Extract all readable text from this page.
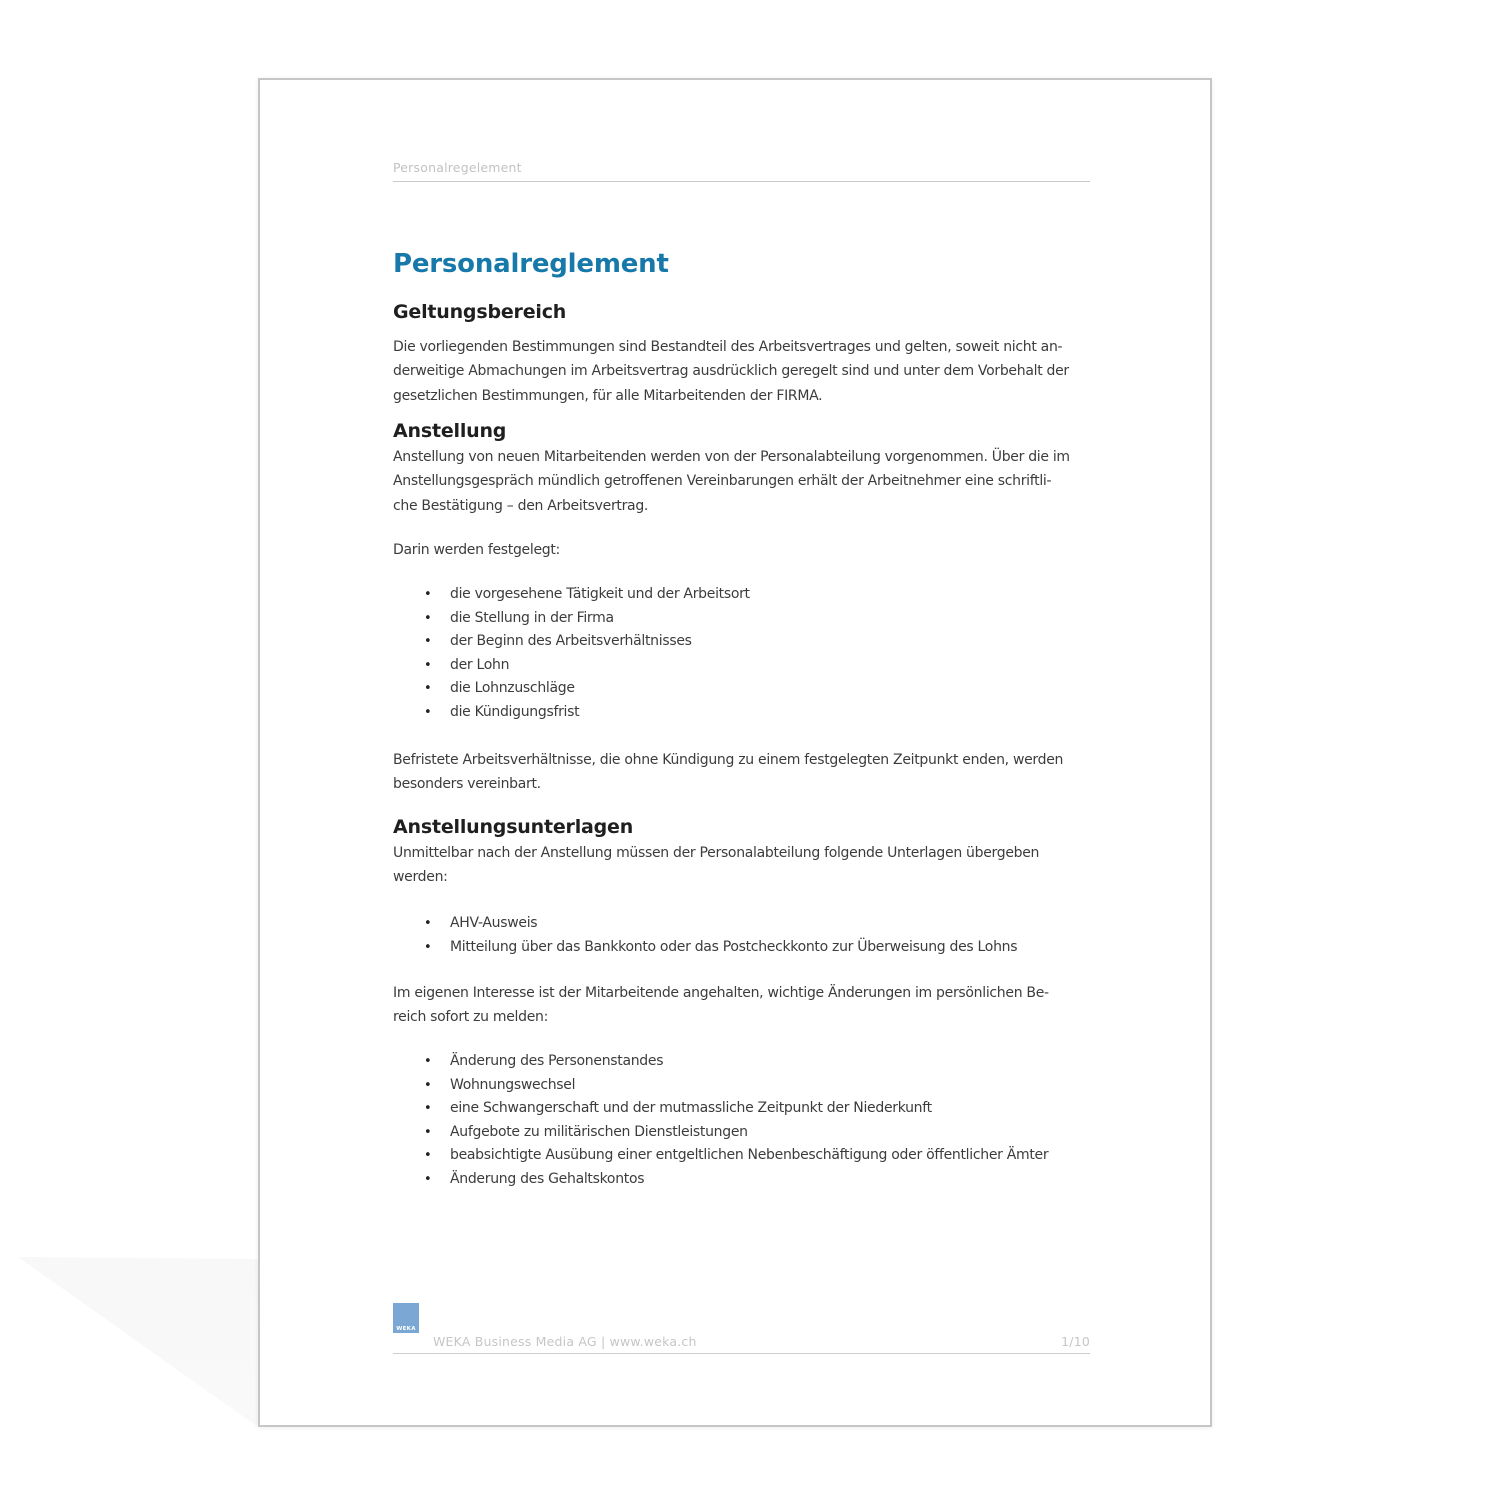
Personalregelement
Personalreglement
Geltungsbereich
Die vorliegenden Bestimmungen sind Bestandteil des Arbeitsvertrages und gelten, soweit nicht an-
derweitige Abmachungen im Arbeitsvertrag ausdrücklich geregelt sind und unter dem Vorbehalt der
gesetzlichen Bestimmungen, für alle Mitarbeitenden der FIRMA.
Anstellung
Anstellung von neuen Mitarbeitenden werden von der Personalabteilung vorgenommen. Über die im
Anstellungsgespräch mündlich getroffenen Vereinbarungen erhält der Arbeitnehmer eine schriftli-
che Bestätigung – den Arbeitsvertrag.
Darin werden festgelegt:
•
die vorgesehene Tätigkeit und der Arbeitsort
•
die Stellung in der Firma
•
der Beginn des Arbeitsverhältnisses
•
der Lohn
•
die Lohnzuschläge
•
die Kündigungsfrist
Befristete Arbeitsverhältnisse, die ohne Kündigung zu einem festgelegten Zeitpunkt enden, werden
besonders vereinbart.
Anstellungsunterlagen
Unmittelbar nach der Anstellung müssen der Personalabteilung folgende Unterlagen übergeben
werden:
•
AHV-Ausweis
•
Mitteilung über das Bankkonto oder das Postcheckkonto zur Überweisung des Lohns
Im eigenen Interesse ist der Mitarbeitende angehalten, wichtige Änderungen im persönlichen Be-
reich sofort zu melden:
•
Änderung des Personenstandes
•
Wohnungswechsel
•
eine Schwangerschaft und der mutmassliche Zeitpunkt der Niederkunft
•
Aufgebote zu militärischen Dienstleistungen
•
beabsichtigte Ausübung einer entgeltlichen Nebenbeschäftigung oder öffentlicher Ämter
•
Änderung des Gehaltskontos
WEKA
WEKA Business Media AG | www.weka.ch	1/10
